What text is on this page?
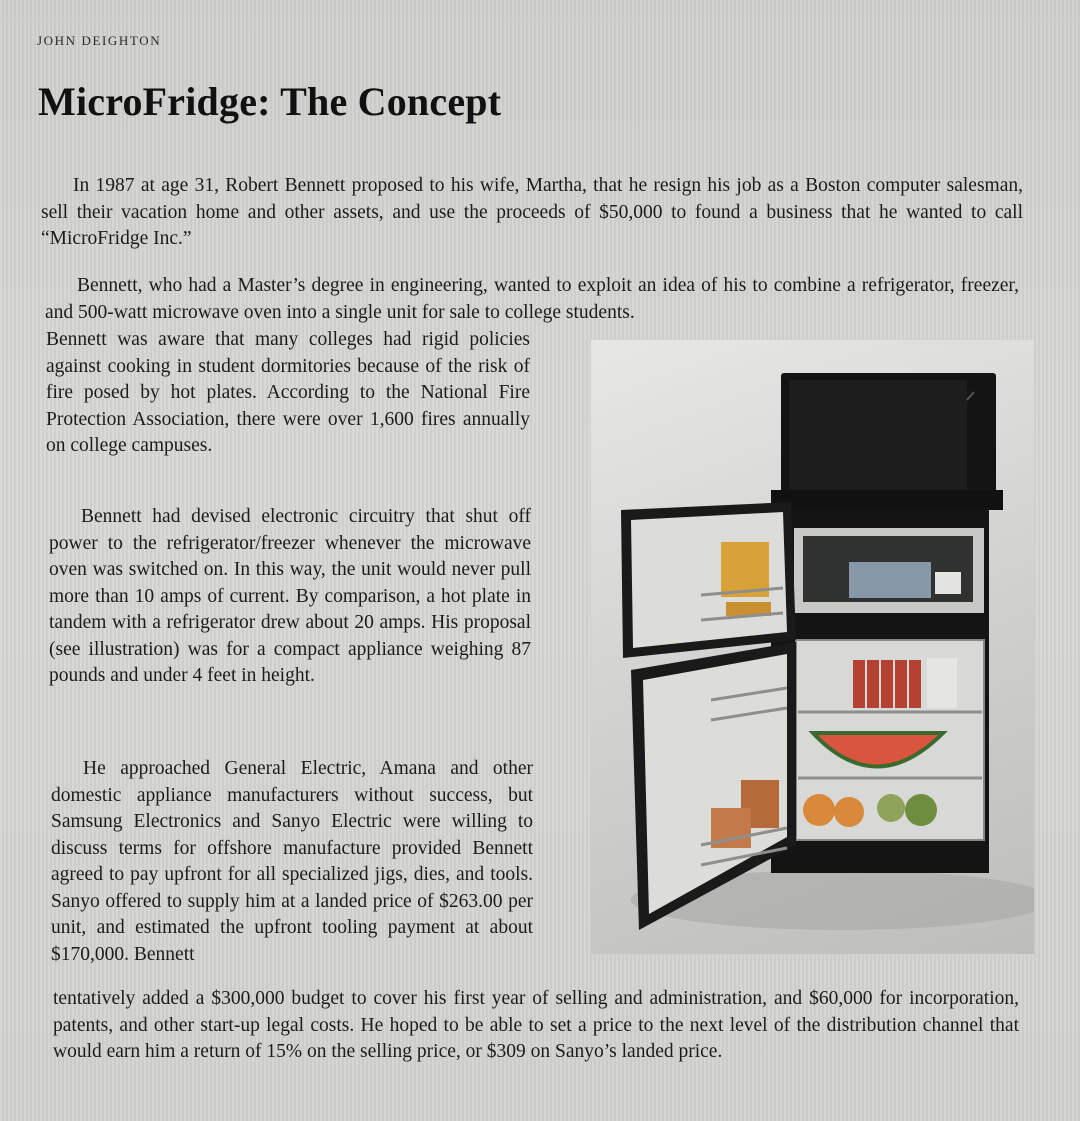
JOHN DEIGHTON
MicroFridge: The Concept

In 1987 at age 31, Robert Bennett proposed to his wife, Martha, that he resign his job as a Boston computer salesman, sell their vacation home and other assets, and use the proceeds of $50,000 to found a business that he wanted to call “MicroFridge Inc.”

Bennett, who had a Master’s degree in engineering, wanted to exploit an idea of his to combine a refrigerator, freezer, and 500-watt microwave oven into a single unit for sale to college students.

Bennett was aware that many colleges had rigid policies against cooking in student dormitories because of the risk of fire posed by hot plates. According to the National Fire Protection Association, there were over 1,600 fires annually on college campuses.

Bennett had devised electronic circuitry that shut off power to the refrigerator/freezer whenever the microwave oven was switched on. In this way, the unit would never pull more than 10 amps of current. By comparison, a hot plate in tandem with a refrigerator drew about 20 amps. His proposal (see illustration) was for a compact appliance weighing 87 pounds and under 4 feet in height.

He approached General Electric, Amana and other domestic appliance manufacturers without success, but Samsung Electronics and Sanyo Electric were willing to discuss terms for offshore manufacture provided Bennett agreed to pay upfront for all specialized jigs, dies, and tools. Sanyo offered to supply him at a landed price of $263.00 per unit, and estimated the upfront tooling payment at about $170,000. Bennett

tentatively added a $300,000 budget to cover his first year of selling and administration, and $60,000 for incorporation, patents, and other start-up legal costs. He hoped to be able to set a price to the next level of the distribution channel that would earn him a return of 15% on the selling price, or $309 on Sanyo’s landed price.
